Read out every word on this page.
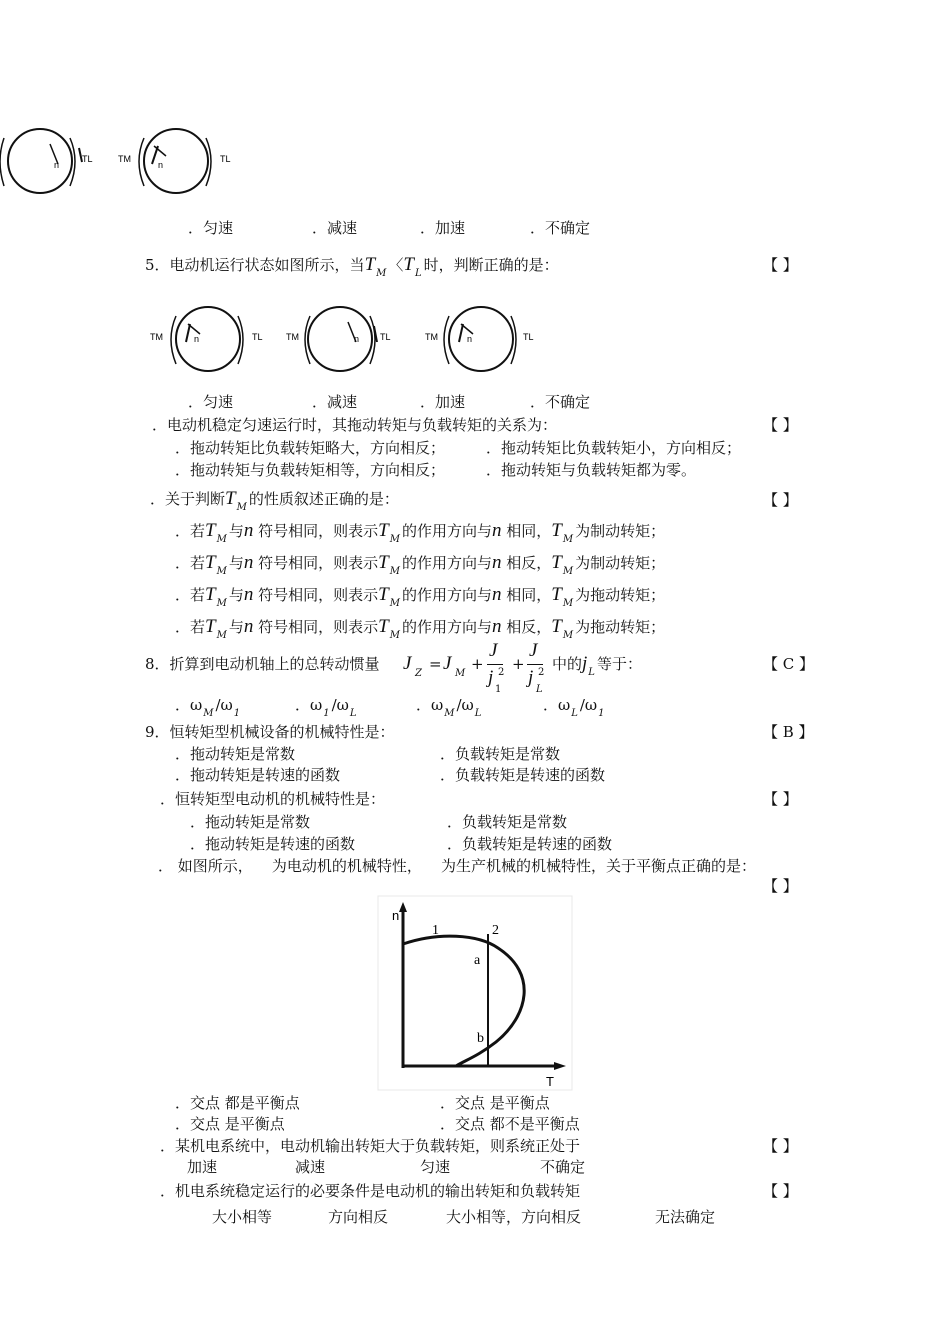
n
TL	TM
n
TL
．匀速	．减速	．加速	．不确定
5．电动机运行状态如图所示，当$T_M$ 〈$T_L$ 时，判断正确的是：	【 】
TM	n	TL	TM	n TL	TM	n	TL
．匀速	．减速	．加速	．不确定
．电动机稳定匀速运行时，其拖动转矩与负载转矩的关系为：	【 】
．拖动转矩比负载转矩略大，方向相反；	．拖动转矩比负载转矩小，方向相反；
．拖动转矩与负载转矩相等，方向相反；	．拖动转矩与负载转矩都为零。
．关于判断$T_M$ 的性质叙述正确的是：	【 】
．若$T_M$ 与n 符号相同，则表示$T_M$ 的作用方向与n 相同，$T_M$ 为制动转矩；
．若$T_M$ 与n 符号相同，则表示$T_M$ 的作用方向与n 相反，$T_M$ 为制动转矩；
．若$T_M$ 与n 符号相同，则表示$T_M$ 的作用方向与n 相同，$T_M$ 为拖动转矩；
．若$T_M$ 与n 符号相同，则表示$T_M$ 的作用方向与n 相反，$T_M$ 为拖动转矩；
8．折算到电动机轴上的总转动惯量 J Z
= J M
+
J
j 2
1
+
J
j 2
L
中的$j_L$ 等于：	【 C 】
．$\omega_M$ $/\omega_1$	．$\omega_1$ $/\omega_L$	．$\omega_M$ $/\omega_L$	．$\omega_L$ $/\omega_1$
9．恒转矩型机械设备的机械特性是：	【 B 】
．拖动转矩是常数	．负载转矩是常数
．拖动转矩是转速的函数	．负载转矩是转速的函数
．恒转矩型电动机的机械特性是：	【 】
．拖动转矩是常数	．负载转矩是常数
．拖动转矩是转速的函数	．负载转矩是转速的函数
． 如图所示， 为电动机的机械特性， 为生产机械的机械特性，关于平衡点正确的是：
【 】
n
T
1	2
a
b
．交点 都是平衡点	．交点 是平衡点
．交点 是平衡点	．交点 都不是平衡点
．某机电系统中，电动机输出转矩大于负载转矩，则系统正处于	【 】
加速	减速	匀速	不确定
．机电系统稳定运行的必要条件是电动机的输出转矩和负载转矩	【 】
大小相等	方向相反	大小相等，方向相反	无法确定
